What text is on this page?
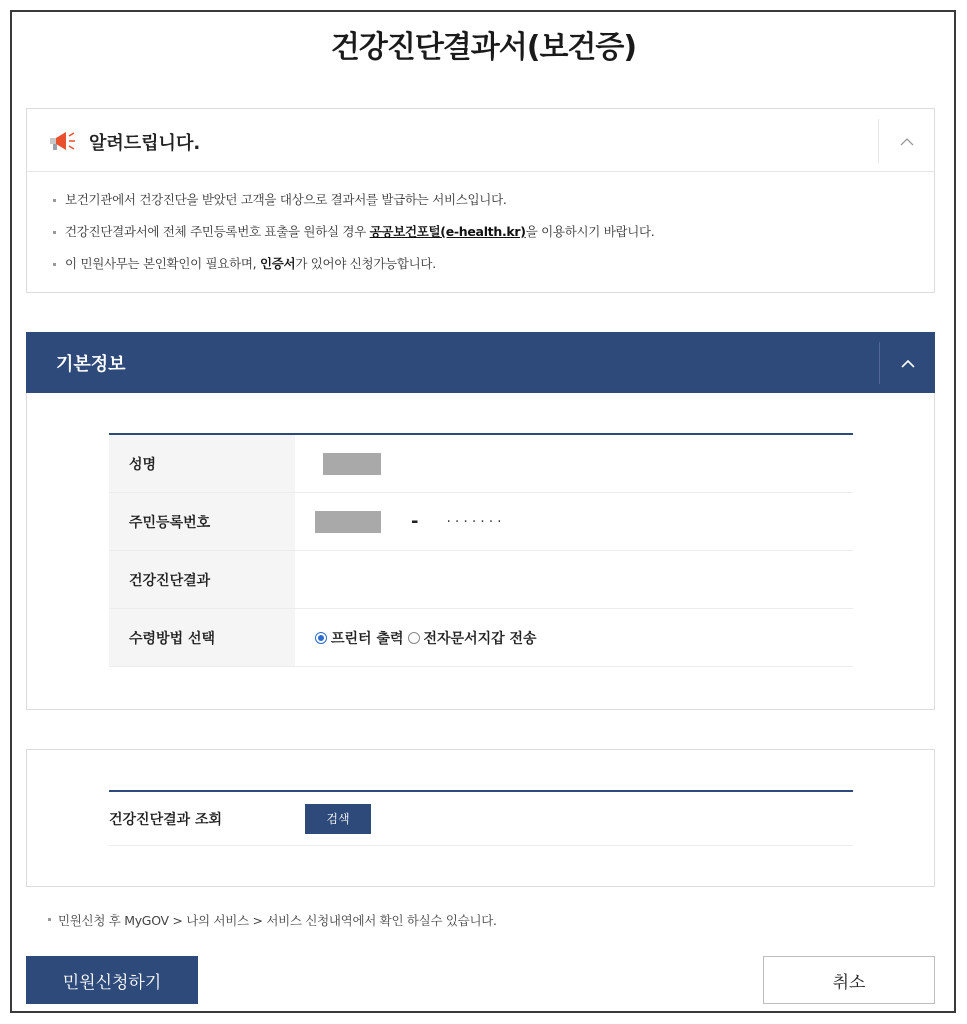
건강진단결과서(보건증)
알려드립니다.
보건기관에서 건강진단을 받았던 고객을 대상으로 결과서를 발급하는 서비스입니다.
건강진단결과서에 전체 주민등록번호 표출을 원하실 경우 공공보건포털(e-health.kr)을 이용하시기 바랍니다.
이 민원사무는 본인확인이 필요하며, 인증서가 있어야 신청가능합니다.
기본정보
성명
주민등록번호	- ·······
건강진단결과
수령방법 선택	프린터 출력 전자문서지갑 전송
건강진단결과 조회	검색

민원신청 후 MyGOV > 나의 서비스 > 서비스 신청내역에서 확인 하실수 있습니다.

민원신청하기	취소
